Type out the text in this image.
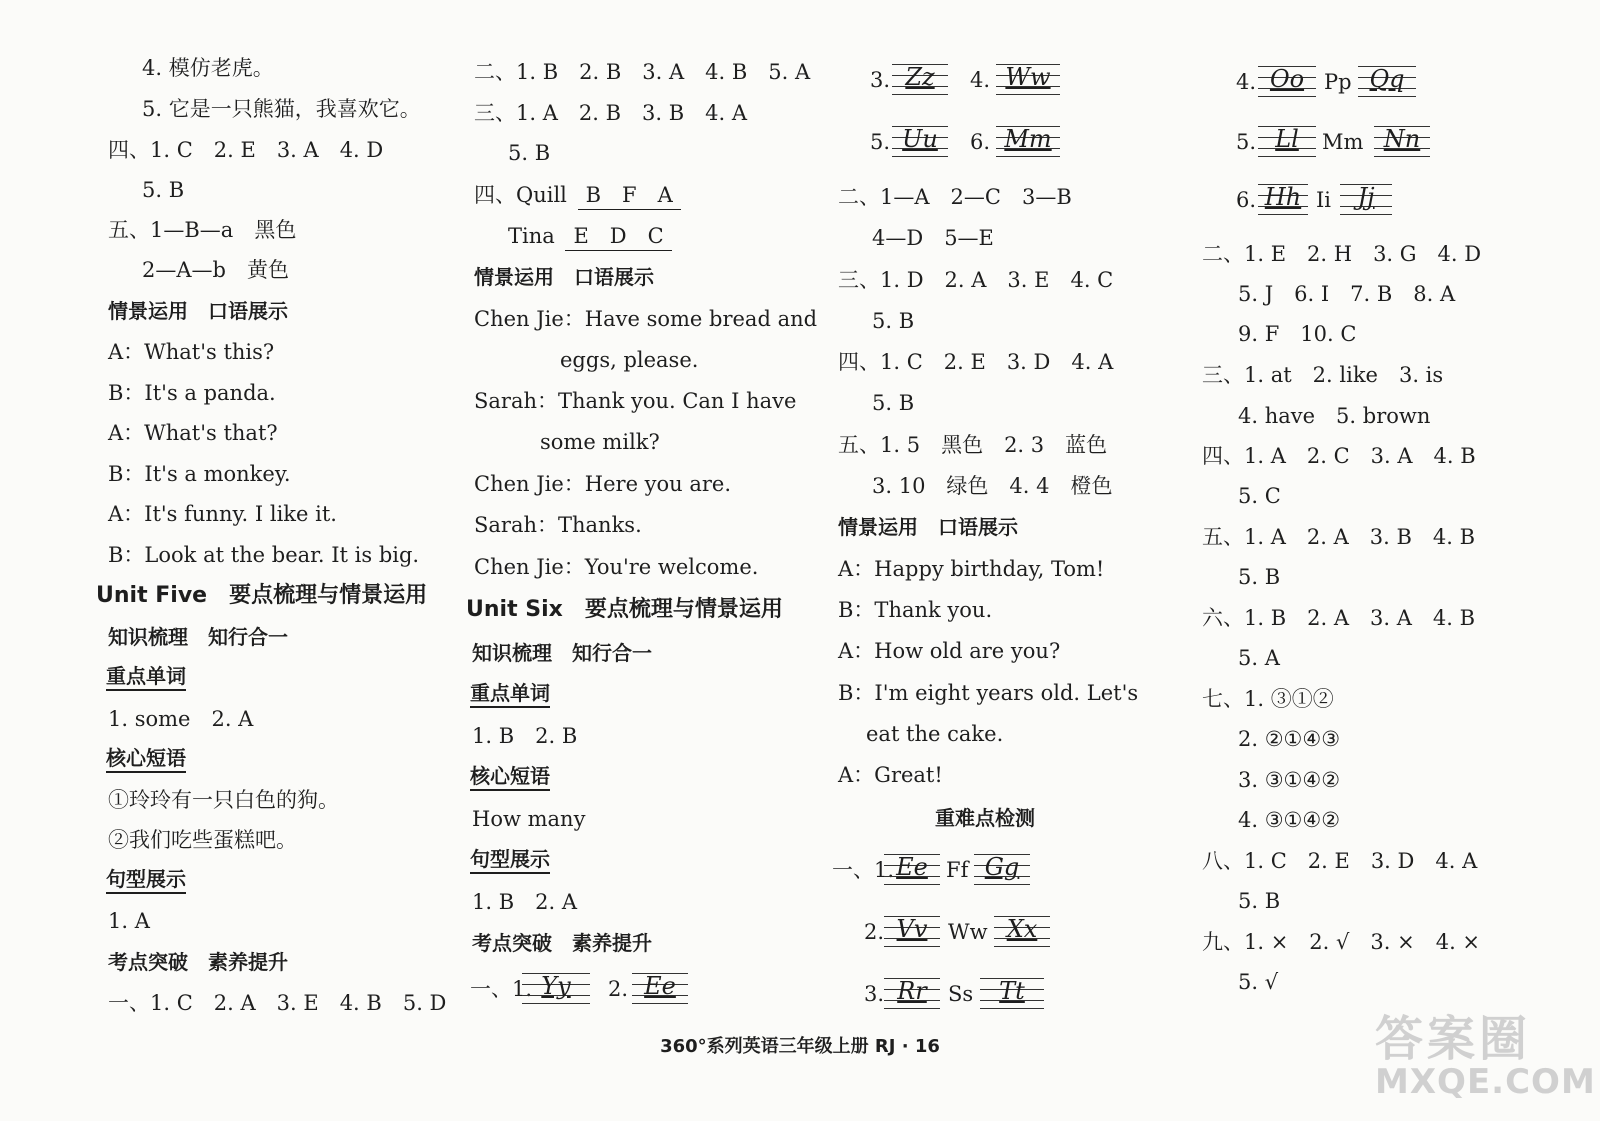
4. 模仿老虎。
5. 它是一只熊猫，我喜欢它。
四、1. C　2. E　3. A　4. D
5. B
五、1—B—a　黑色
2—A—b　黄色
情景运用　口语展示
A：What's this?
B：It's a panda.
A：What's that?
B：It's a monkey.
A：It's funny. I like it.
B：Look at the bear. It is big.
Unit Five　要点梳理与情景运用
知识梳理　知行合一
重点单词
1. some　2. A
核心短语
①玲玲有一只白色的狗。
②我们吃些蛋糕吧。
句型展示
1. A
考点突破　素养提升
一、1. C　2. A　3. E　4. B　5. D
二、1. B　2. B　3. A　4. B　5. A
三、1. A　2. B　3. B　4. A
5. B
四、Quill B　F　A
Tina E　D　C
情景运用　口语展示
Chen Jie：Have some bread and
eggs, please.
Sarah：Thank you. Can I have
some milk?
Chen Jie：Here you are.
Sarah：Thanks.
Chen Jie：You're welcome.
Unit Six　要点梳理与情景运用
知识梳理　知行合一
重点单词
1. B　2. B
核心短语
How many
句型展示
1. B　2. A
考点突破　素养提升
一、1. Yy	2. Ee
3. Zz	4. Ww
5. Uu	6. Mm
二、1—A　2—C　3—B
4—D　5—E
三、1. D　2. A　3. E　4. C
5. B
四、1. C　2. E　3. D　4. A
5. B
五、1. 5　黑色　2. 3　蓝色
3. 10　绿色　4. 4　橙色
情景运用　口语展示
A：Happy birthday, Tom!
B：Thank you.
A：How old are you?
B：I'm eight years old. Let's
eat the cake.
A：Great!
重难点检测
一、1. Ee Ff Gg
2. Vv Ww Xx
3. Rr	Ss	Tt
4. Oo Pp Qq
5. Ll	Mm Nn
6. Hh Ii	Jj
二、1. E　2. H　3. G　4. D
5. J　6. I　7. B　8. A
9. F　10. C
三、1. at　2. like　3. is
4. have　5. brown
四、1. A　2. C　3. A　4. B
5. C
五、1. A　2. A　3. B　4. B
5. B
六、1. B　2. A　3. A　4. B
5. A
七、1. ③①②
2. ②①④③
3. ③①④②
4. ③①④②
八、1. C　2. E　3. D　4. A
5. B
九、1. ×　2. √　3. ×　4. ×
5. √
360°系列英语三年级上册 RJ · 16	答案圈
MXQE.COM
